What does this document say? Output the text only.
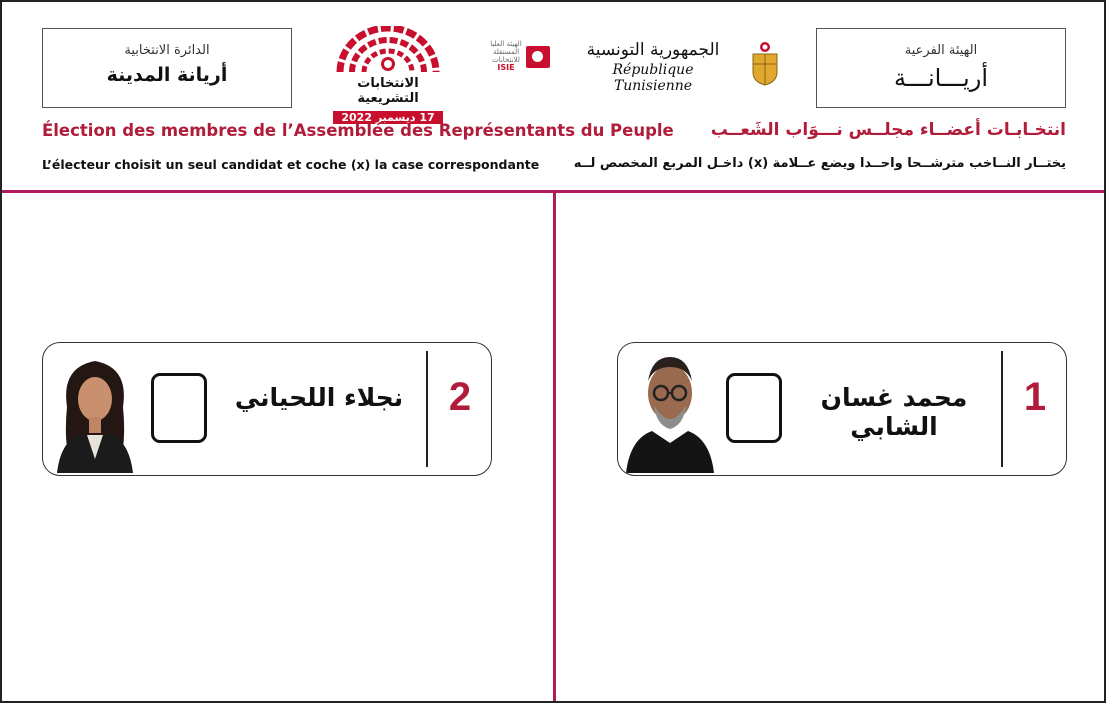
الدائرة الانتخابية
أريانة المدينة	الانتخابات التشريعية
17 ديسمبر 2022
الهيئة العليا المستقلة للانتخابات
ISIE
الجمهورية التونسية
République Tunisienne
الهيئة الفرعية
أريـــانـــة
Élection des membres de l’Assemblée des Représentants du Peuple انتخـابـات أعضــاء مجلــس نـــوَاب الشَعــب
L’électeur choisit un seul candidat et coche (x) la case correspondante	يختــار النــاخب مترشــحا واحــدا ويضع عــلامة (x) داخـل المربع المخصص لــه
نجلاء اللحياني	2	محمد غسان الشابي
1
